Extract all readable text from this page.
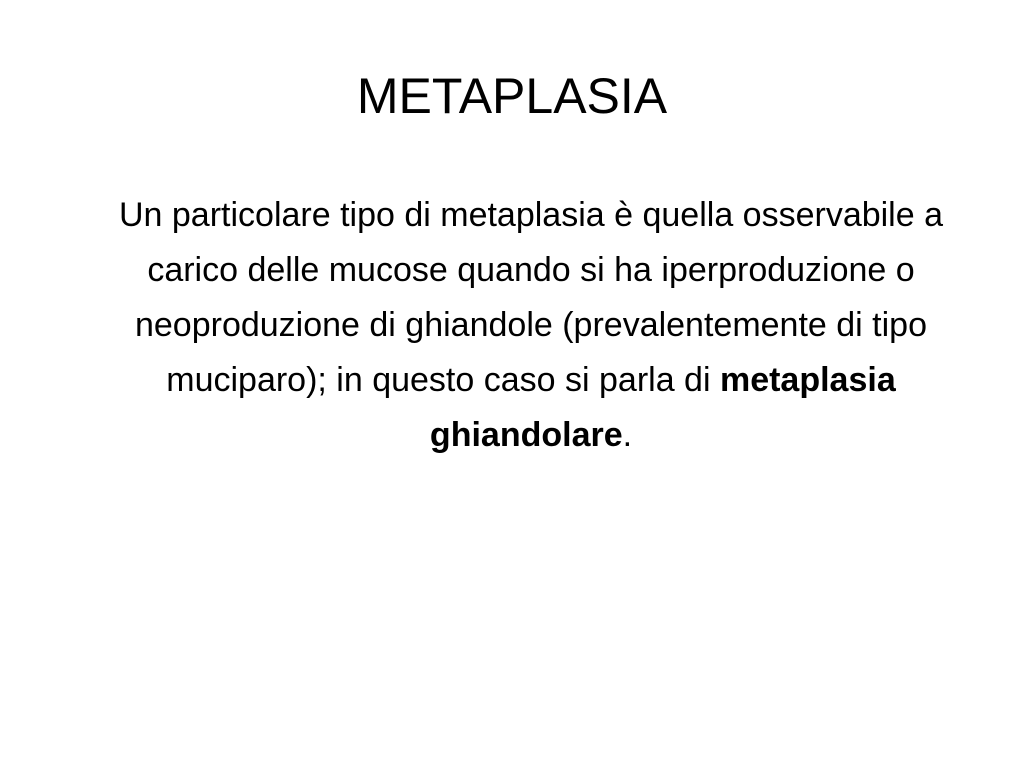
METAPLASIA

Un particolare tipo di metaplasia è quella osservabile a carico delle mucose quando si ha iperproduzione o neoproduzione di ghiandole (prevalentemente di tipo muciparo); in questo caso si parla di metaplasia ghiandolare.
